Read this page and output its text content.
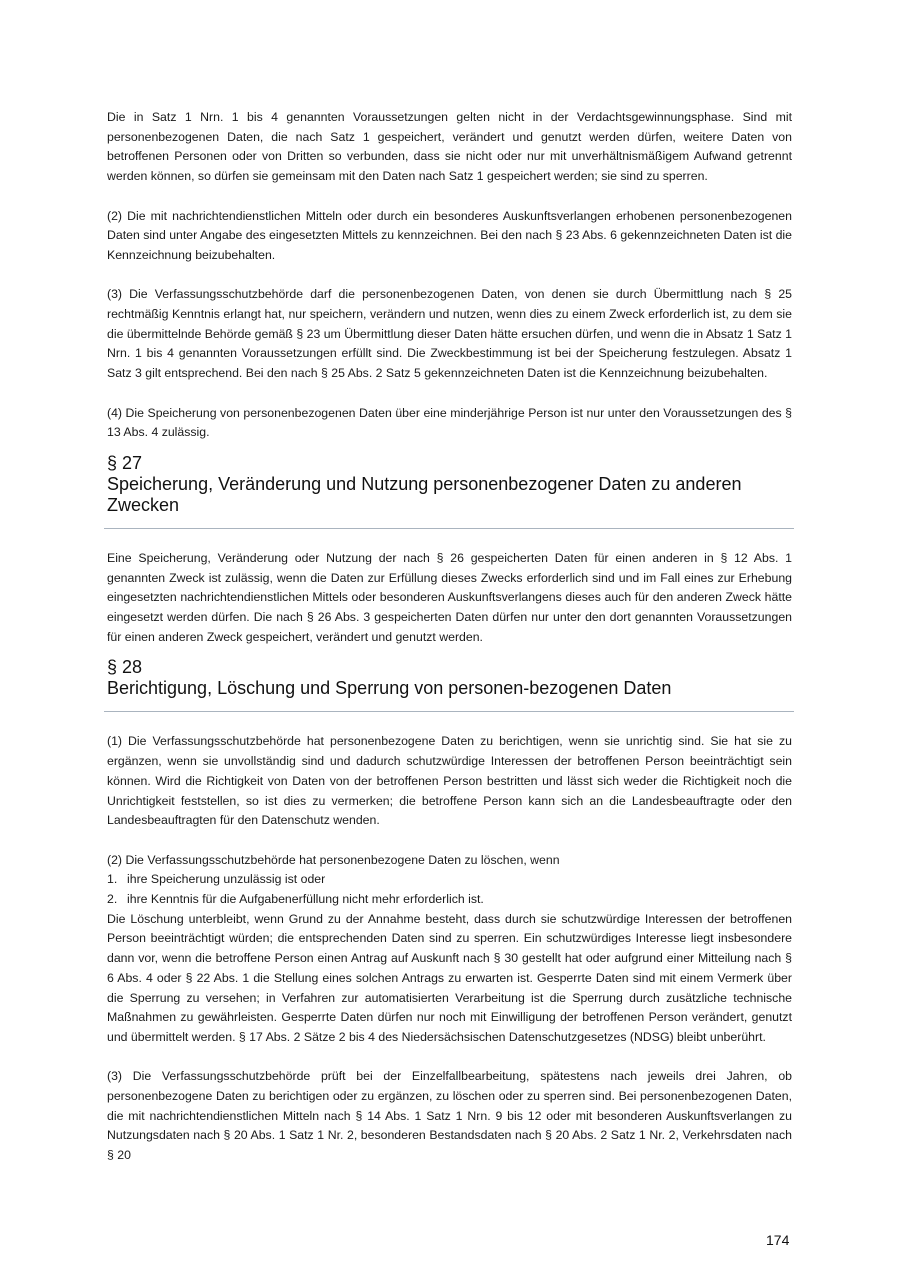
Die in Satz 1 Nrn. 1 bis 4 genannten Voraussetzungen gelten nicht in der Verdachtsgewinnungsphase. Sind mit personenbezogenen Daten, die nach Satz 1 gespeichert, verändert und genutzt werden dürfen, weitere Daten von betroffenen Personen oder von Dritten so verbunden, dass sie nicht oder nur mit unverhältnismäßigem Aufwand getrennt werden können, so dürfen sie gemeinsam mit den Daten nach Satz 1 gespeichert werden; sie sind zu sperren.

(2) Die mit nachrichtendienstlichen Mitteln oder durch ein besonderes Auskunftsverlangen erhobenen personenbezogenen Daten sind unter Angabe des eingesetzten Mittels zu kennzeichnen. Bei den nach § 23 Abs. 6 gekennzeichneten Daten ist die Kennzeichnung beizubehalten.

(3) Die Verfassungsschutzbehörde darf die personenbezogenen Daten, von denen sie durch Übermittlung nach § 25 rechtmäßig Kenntnis erlangt hat, nur speichern, verändern und nutzen, wenn dies zu einem Zweck erforderlich ist, zu dem sie die übermittelnde Behörde gemäß § 23 um Übermittlung dieser Daten hätte ersuchen dürfen, und wenn die in Absatz 1 Satz 1 Nrn. 1 bis 4 genannten Voraussetzungen erfüllt sind. Die Zweckbestimmung ist bei der Speicherung festzulegen. Absatz 1 Satz 3 gilt entsprechend. Bei den nach § 25 Abs. 2 Satz 5 gekennzeichneten Daten ist die Kennzeichnung beizubehalten.

(4) Die Speicherung von personenbezogenen Daten über eine minderjährige Person ist nur unter den Voraussetzungen des § 13 Abs. 4 zulässig.

§ 27
Speicherung, Veränderung und Nutzung personenbezogener Daten zu anderen Zwecken

Eine Speicherung, Veränderung oder Nutzung der nach § 26 gespeicherten Daten für einen anderen in § 12 Abs. 1 genannten Zweck ist zulässig, wenn die Daten zur Erfüllung dieses Zwecks erforderlich sind und im Fall eines zur Erhebung eingesetzten nachrichtendienstlichen Mittels oder besonderen Auskunftsverlangens dieses auch für den anderen Zweck hätte eingesetzt werden dürfen. Die nach § 26 Abs. 3 gespeicherten Daten dürfen nur unter den dort genannten Voraussetzungen für einen anderen Zweck gespeichert, verändert und genutzt werden.

§ 28
Berichtigung, Löschung und Sperrung von personen-bezogenen Daten

(1) Die Verfassungsschutzbehörde hat personenbezogene Daten zu berichtigen, wenn sie unrichtig sind. Sie hat sie zu ergänzen, wenn sie unvollständig sind und dadurch schutzwürdige Interessen der betroffenen Person beeinträchtigt sein können. Wird die Richtigkeit von Daten von der betroffenen Person bestritten und lässt sich weder die Richtigkeit noch die Unrichtigkeit feststellen, so ist dies zu vermerken; die betroffene Person kann sich an die Landesbeauftragte oder den Landesbeauftragten für den Datenschutz wenden.

(2) Die Verfassungsschutzbehörde hat personenbezogene Daten zu löschen, wenn

1. ihre Speicherung unzulässig ist oder

2. ihre Kenntnis für die Aufgabenerfüllung nicht mehr erforderlich ist.

Die Löschung unterbleibt, wenn Grund zu der Annahme besteht, dass durch sie schutzwürdige Interessen der betroffenen Person beeinträchtigt würden; die entsprechenden Daten sind zu sperren. Ein schutzwürdiges Interesse liegt insbesondere dann vor, wenn die betroffene Person einen Antrag auf Auskunft nach § 30 gestellt hat oder aufgrund einer Mitteilung nach § 6 Abs. 4 oder § 22 Abs. 1 die Stellung eines solchen Antrags zu erwarten ist. Gesperrte Daten sind mit einem Vermerk über die Sperrung zu versehen; in Verfahren zur automatisierten Verarbeitung ist die Sperrung durch zusätzliche technische Maßnahmen zu gewährleisten. Gesperrte Daten dürfen nur noch mit Einwilligung der betroffenen Person verändert, genutzt und übermittelt werden. § 17 Abs. 2 Sätze 2 bis 4 des Niedersächsischen Datenschutzgesetzes (NDSG) bleibt unberührt.

(3) Die Verfassungsschutzbehörde prüft bei der Einzelfallbearbeitung, spätestens nach jeweils drei Jahren, ob personenbezogene Daten zu berichtigen oder zu ergänzen, zu löschen oder zu sperren sind. Bei personenbezogenen Daten, die mit nachrichtendienstlichen Mitteln nach § 14 Abs. 1 Satz 1 Nrn. 9 bis 12 oder mit besonderen Auskunftsverlangen zu Nutzungsdaten nach § 20 Abs. 1 Satz 1 Nr. 2, besonderen Bestandsdaten nach § 20 Abs. 2 Satz 1 Nr. 2, Verkehrsdaten nach § 20

174
